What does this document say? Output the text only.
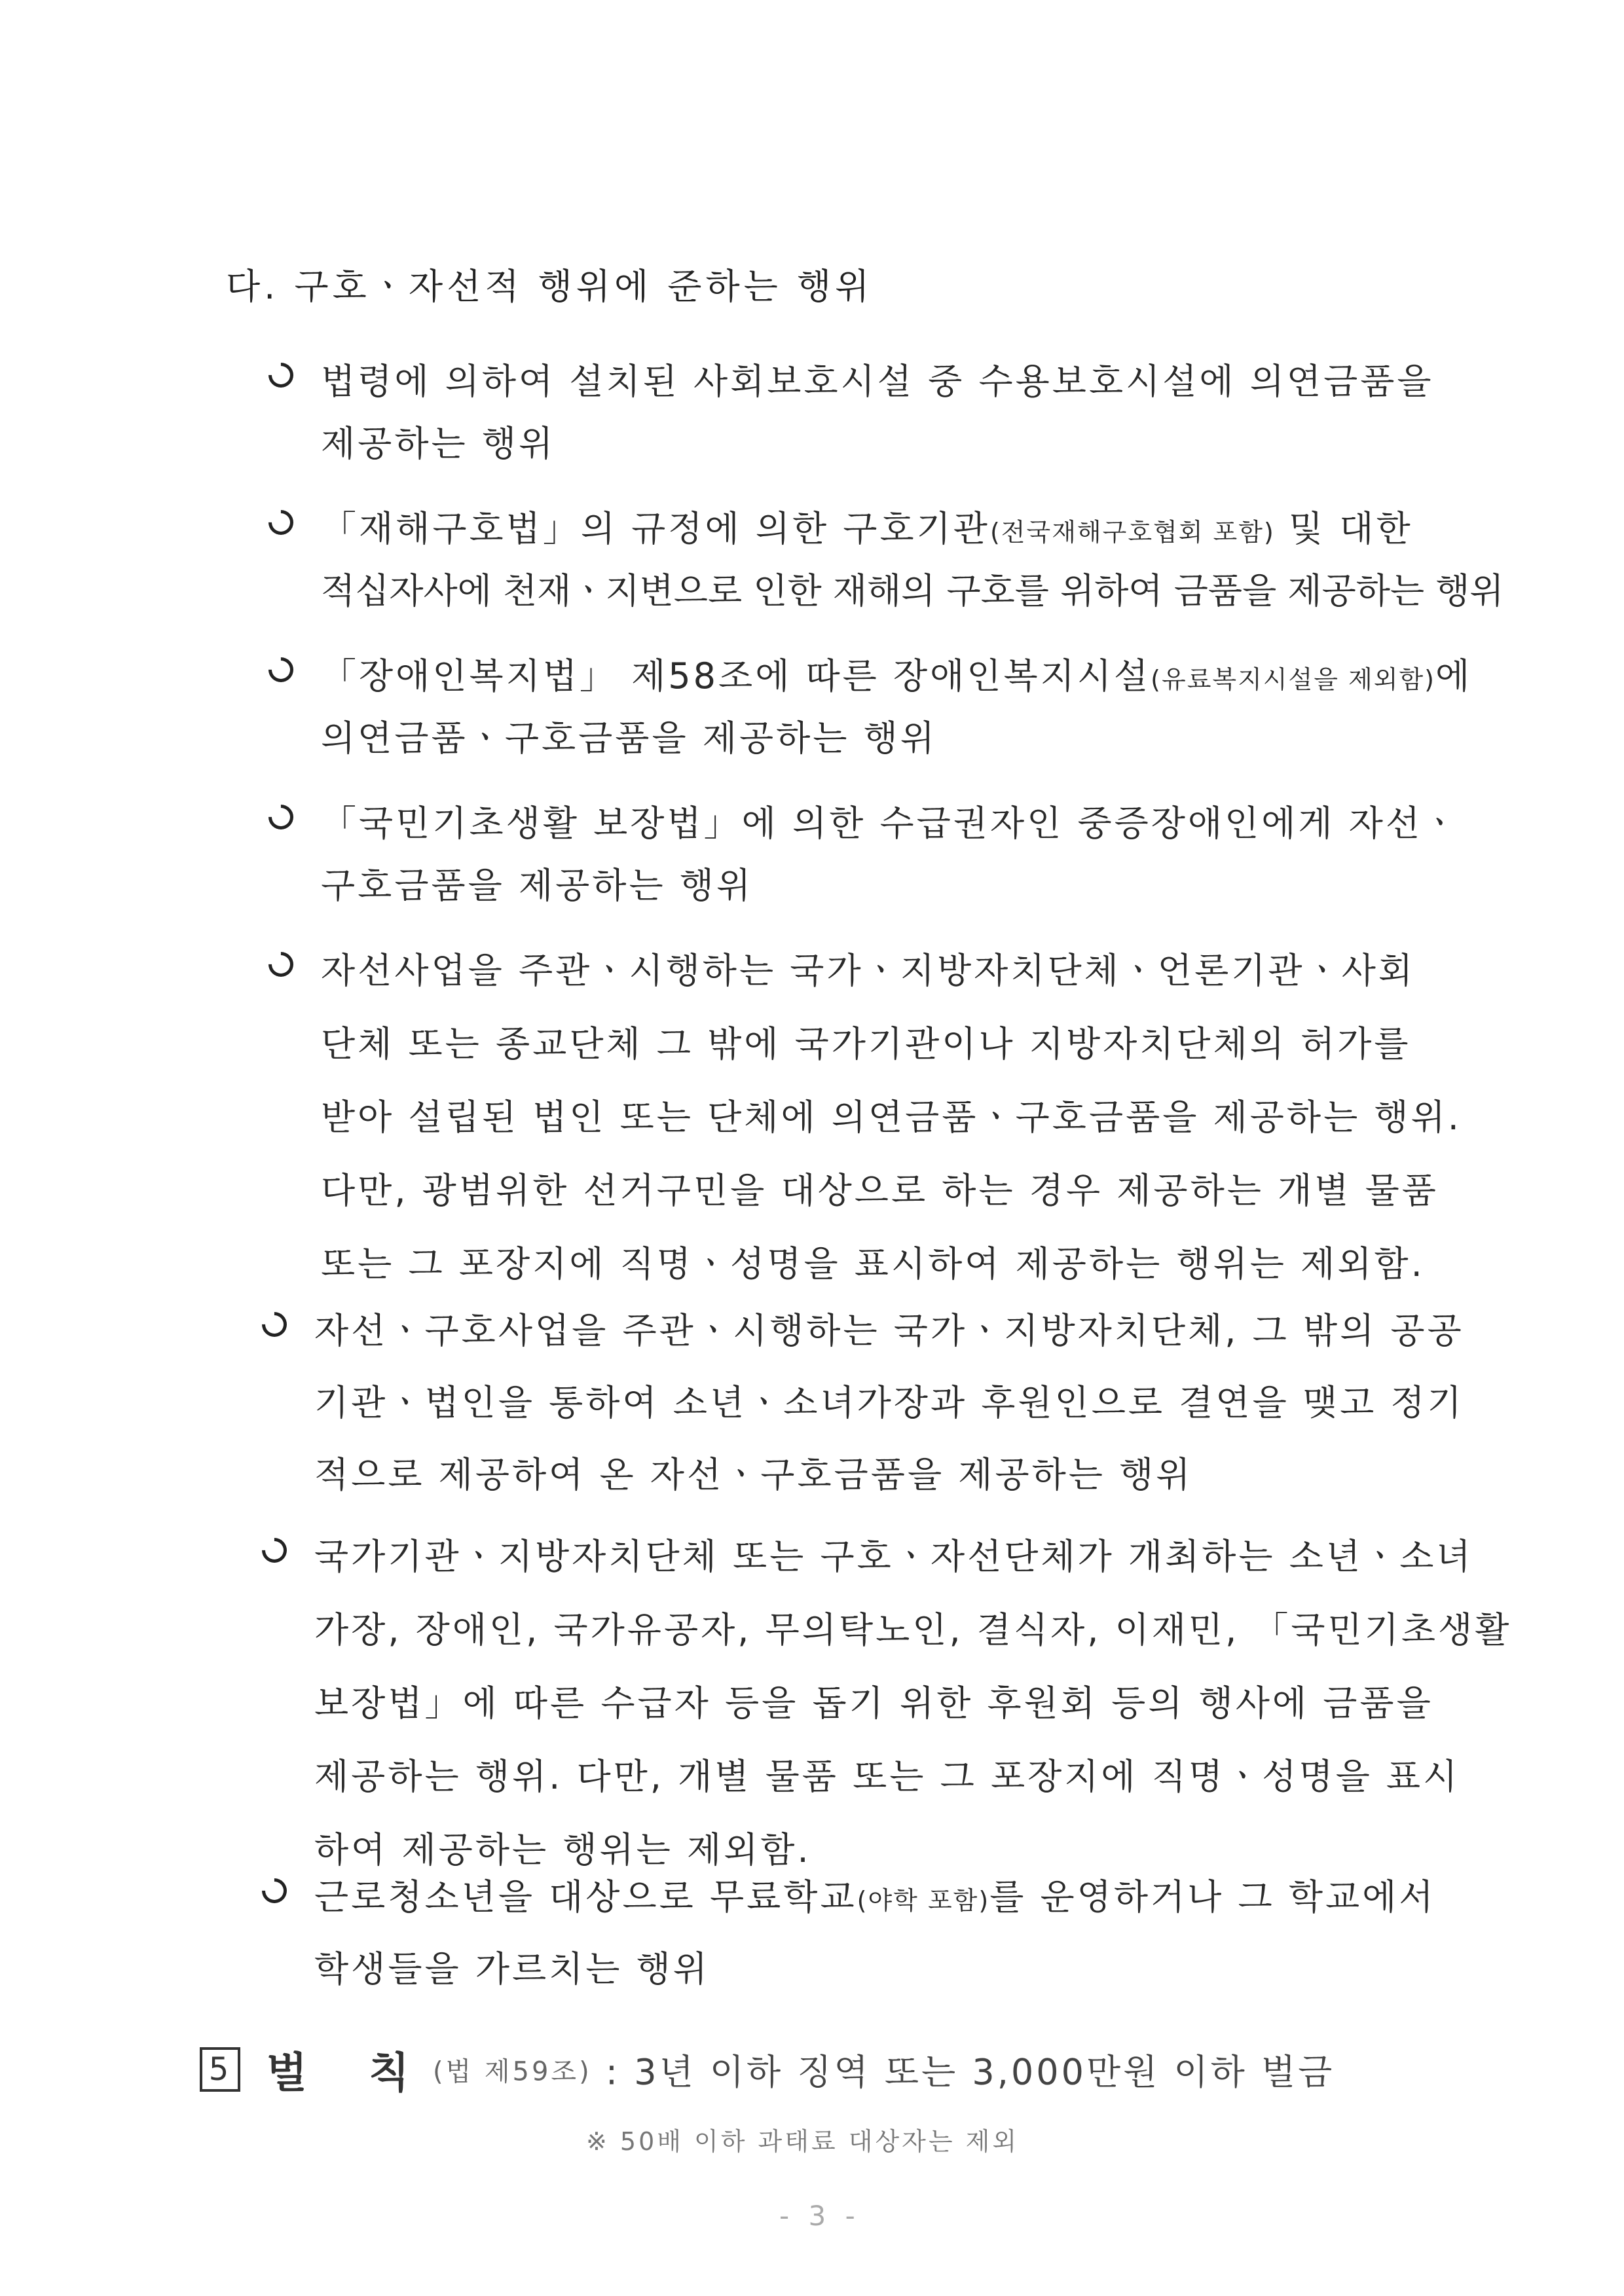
다. 구호ㆍ자선적 행위에 준하는 행위
법령에 의하여 설치된 사회보호시설 중 수용보호시설에 의연금품을
제공하는 행위
「재해구호법」의 규정에 의한 구호기관(전국재해구호협회 포함) 및 대한
적십자사에 천재ㆍ지변으로 인한 재해의 구호를 위하여 금품을 제공하는 행위
「장애인복지법」 제58조에 따른 장애인복지시설(유료복지시설을 제외함)에
의연금품ㆍ구호금품을 제공하는 행위
「국민기초생활 보장법」에 의한 수급권자인 중증장애인에게 자선ㆍ
구호금품을 제공하는 행위
자선사업을 주관ㆍ시행하는 국가ㆍ지방자치단체ㆍ언론기관ㆍ사회
단체 또는 종교단체 그 밖에 국가기관이나 지방자치단체의 허가를
받아 설립된 법인 또는 단체에 의연금품ㆍ구호금품을 제공하는 행위.
다만, 광범위한 선거구민을 대상으로 하는 경우 제공하는 개별 물품
또는 그 포장지에 직명ㆍ성명을 표시하여 제공하는 행위는 제외함.
자선ㆍ구호사업을 주관ㆍ시행하는 국가ㆍ지방자치단체, 그 밖의 공공
기관ㆍ법인을 통하여 소년ㆍ소녀가장과 후원인으로 결연을 맺고 정기
적으로 제공하여 온 자선ㆍ구호금품을 제공하는 행위
국가기관ㆍ지방자치단체 또는 구호ㆍ자선단체가 개최하는 소년ㆍ소녀
가장, 장애인, 국가유공자, 무의탁노인, 결식자, 이재민, 「국민기초생활
보장법」에 따른 수급자 등을 돕기 위한 후원회 등의 행사에 금품을
제공하는 행위. 다만, 개별 물품 또는 그 포장지에 직명ㆍ성명을 표시
하여 제공하는 행위는 제외함.
근로청소년을 대상으로 무료학교(야학 포함)를 운영하거나 그 학교에서
학생들을 가르치는 행위
5 벌 칙(법 제59조) : 3년 이하 징역 또는 3,000만원 이하 벌금
※ 50배 이하 과태료 대상자는 제외
- 3 -
